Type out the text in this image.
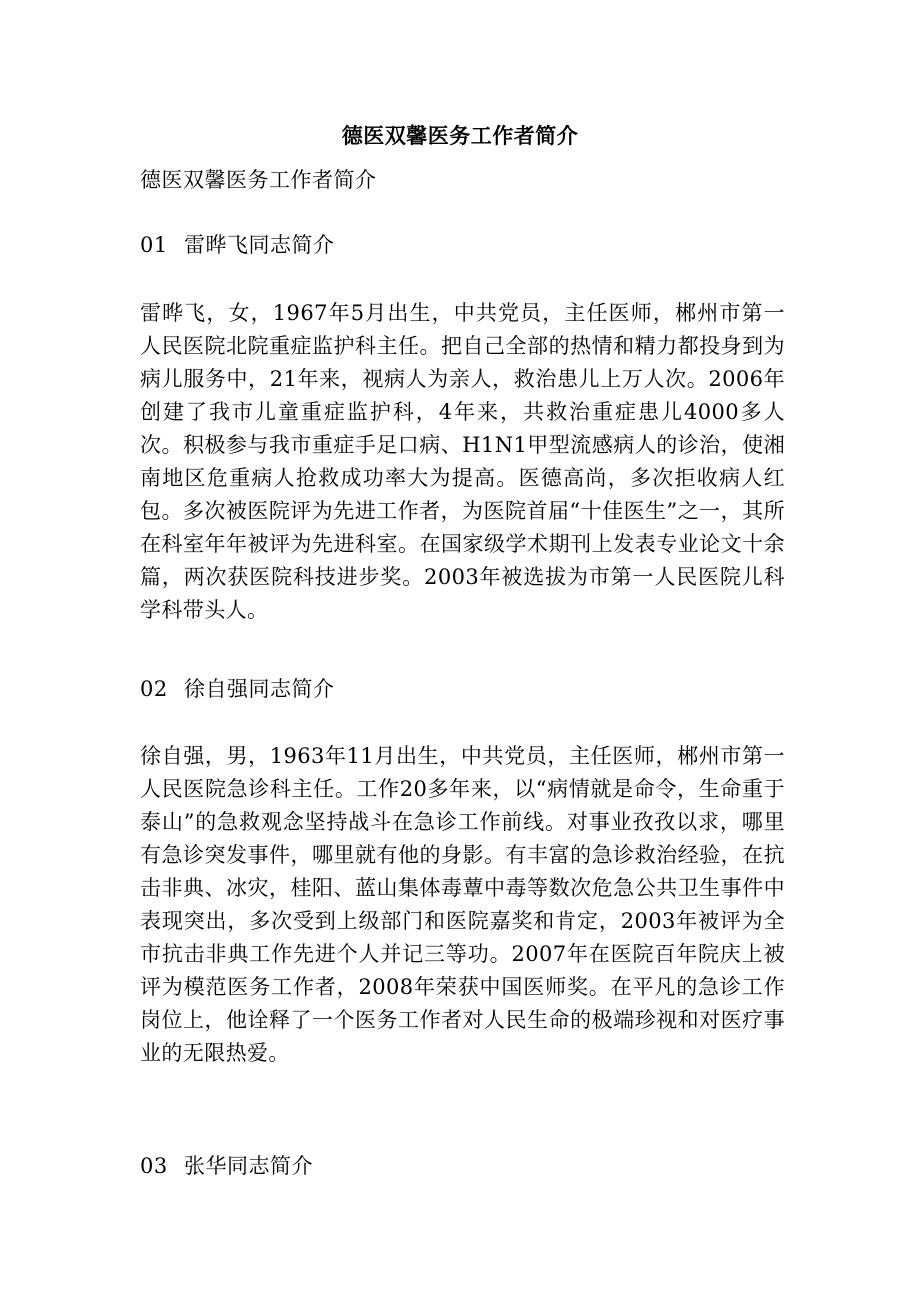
德医双馨医务工作者简介
德医双馨医务工作者简介
01 雷晔飞同志简介
雷晔飞，女，1967年5月出生，中共党员，主任医师，郴州市第一人民医院北院重症监护科主任。把自己全部的热情和精力都投身到为病儿服务中，21年来，视病人为亲人，救治患儿上万人次。2006年创建了我市儿童重症监护科，4年来，共救治重症患儿4000多人次。积极参与我市重症手足口病、H1N1甲型流感病人的诊治，使湘南地区危重病人抢救成功率大为提高。医德高尚，多次拒收病人红包。多次被医院评为先进工作者，为医院首届“十佳医生”之一，其所在科室年年被评为先进科室。在国家级学术期刊上发表专业论文十余篇，两次获医院科技进步奖。2003年被选拔为市第一人民医院儿科学科带头人。
02 徐自强同志简介
徐自强，男，1963年11月出生，中共党员，主任医师，郴州市第一人民医院急诊科主任。工作20多年来，以“病情就是命令，生命重于泰山”的急救观念坚持战斗在急诊工作前线。对事业孜孜以求，哪里有急诊突发事件，哪里就有他的身影。有丰富的急诊救治经验，在抗击非典、冰灾，桂阳、蓝山集体毒蕈中毒等数次危急公共卫生事件中表现突出，多次受到上级部门和医院嘉奖和肯定，2003年被评为全市抗击非典工作先进个人并记三等功。2007年在医院百年院庆上被评为模范医务工作者，2008年荣获中国医师奖。在平凡的急诊工作岗位上，他诠释了一个医务工作者对人民生命的极端珍视和对医疗事业的无限热爱。
03 张华同志简介
